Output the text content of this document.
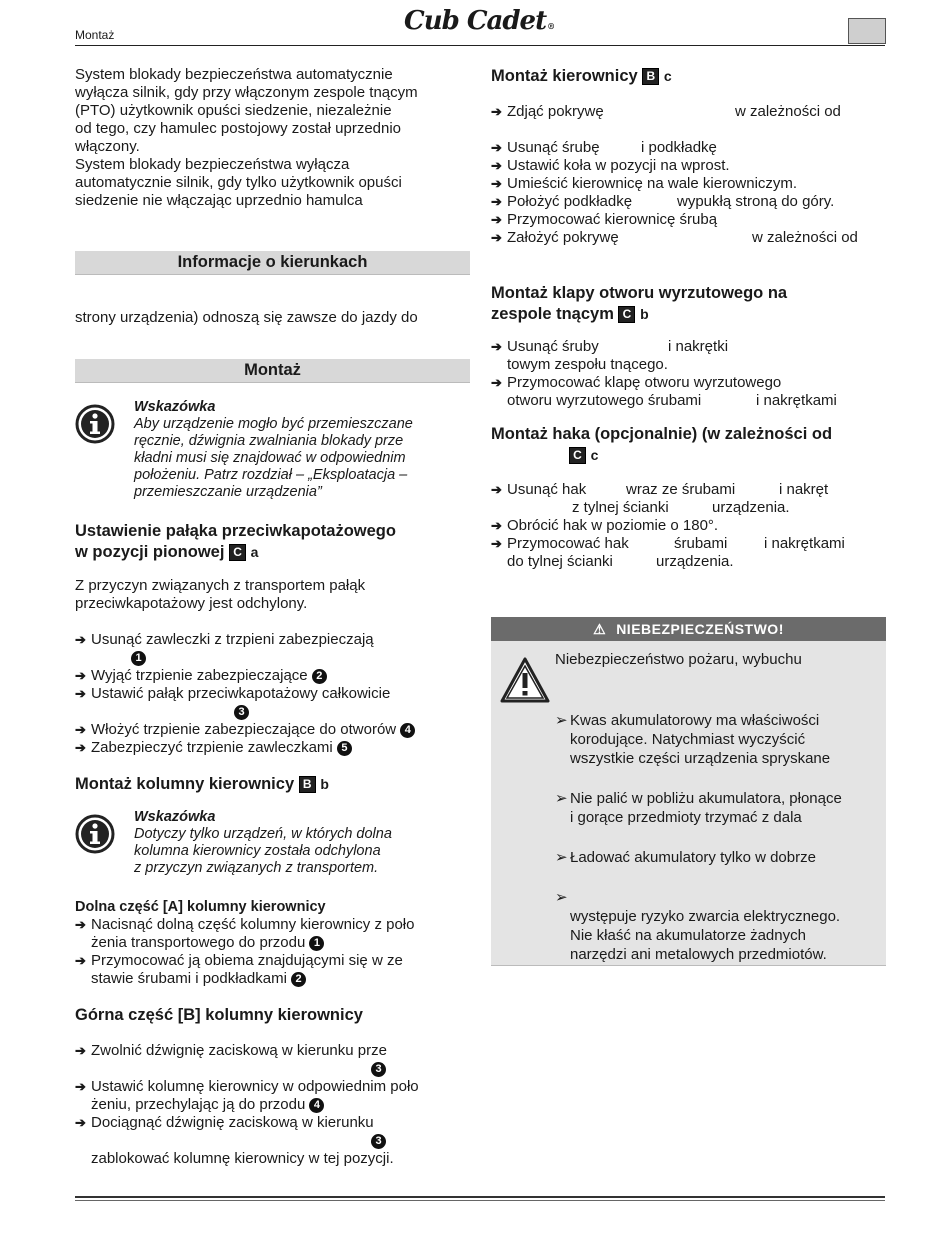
Montaż	Cub Cadet®

System blokady bezpieczeństwa automatycznie

wyłącza silnik, gdy przy włączonym zespole tnącym

(PTO) użytkownik opuści siedzenie, niezależnie

od tego, czy hamulec postojowy został uprzednio

włączony.

System blokady bezpieczeństwa wyłącza

automatycznie silnik, gdy tylko użytkownik opuści

siedzenie nie włączając uprzednio hamulca

Informacje o kierunkach

strony urządzenia) odnoszą się zawsze do jazdy do

Montaż
Wskazówka
Aby urządzenie mogło być przemieszczane
ręcznie, dźwignia zwalniania blokady prze
kładni musi się znajdować w odpowiednim
położeniu. Patrz rozdział – „Eksploatacja –
przemieszczanie urządzenia”
Ustawienie pałąka przeciwkapotażowego
w pozycji pionowej C a

Z przyczyn związanych z transportem pałąk

przeciwkapotażowy jest odchylony.

➔ Usunąć zawleczki z trzpieni zabezpieczają
1
➔ Wyjąć trzpienie zabezpieczające 2
➔ Ustawić pałąk przeciwkapotażowy całkowicie
3
➔ Włożyć trzpienie zabezpieczające do otworów 4
➔ Zabezpieczyć trzpienie zawleczkami 5
Montaż kolumny kierownicy B b
Wskazówka
Dotyczy tylko urządzeń, w których dolna
kolumna kierownicy została odchylona
z przyczyn związanych z transportem.
Dolna część [A] kolumny kierownicy
➔ Nacisnąć dolną część kolumny kierownicy z poło
żenia transportowego do przodu 1
➔ Przymocować ją obiema znajdującymi się w ze
stawie śrubami i podkładkami 2
Górna część [B] kolumny kierownicy
➔ Zwolnić dźwignię zaciskową w kierunku prze
3
➔ Ustawić kolumnę kierownicy w odpowiednim poło
żeniu, przechylając ją do przodu 4
➔ Dociągnąć dźwignię zaciskową w kierunku
3
zablokować kolumnę kierownicy w tej pozycji.
Montaż kierownicy B c
➔ Zdjąć pokrywę	w zależności od
➔ Usunąć śrubę	i podkładkę
➔ Ustawić koła w pozycji na wprost.
➔ Umieścić kierownicę na wale kierowniczym.
➔ Położyć podkładkę	wypukłą stroną do góry.
➔ Przymocować kierownicę śrubą
➔ Założyć pokrywę	w zależności od
Montaż klapy otworu wyrzutowego na
zespole tnącym C b
➔ Usunąć śruby	i nakrętki
towym zespołu tnącego.
➔ Przymocować klapę otworu wyrzutowego
otworu wyrzutowego śrubami	i nakrętkami
Montaż haka (opcjonalnie) (w zależności od
C c
➔ Usunąć hak	wraz ze śrubami	i nakręt
z tylnej ścianki	urządzenia.
➔ Obrócić hak w poziomie o 180°.
➔ Przymocować hak	śrubami i nakrętkami
do tylnej ścianki	urządzenia.
⚠ NIEBEZPIECZEŃSTWO!
Niebezpieczeństwo pożaru, wybuchu
➢ Kwas akumulatorowy ma właściwości
korodujące. Natychmiast wyczyścić
wszystkie części urządzenia spryskane
➢ Nie palić w pobliżu akumulatora, płonące
i gorące przedmioty trzymać z dala
➢ Ładować akumulatory tylko w dobrze
➢
występuje ryzyko zwarcia elektrycznego.
Nie kłaść na akumulatorze żadnych
narzędzi ani metalowych przedmiotów.
